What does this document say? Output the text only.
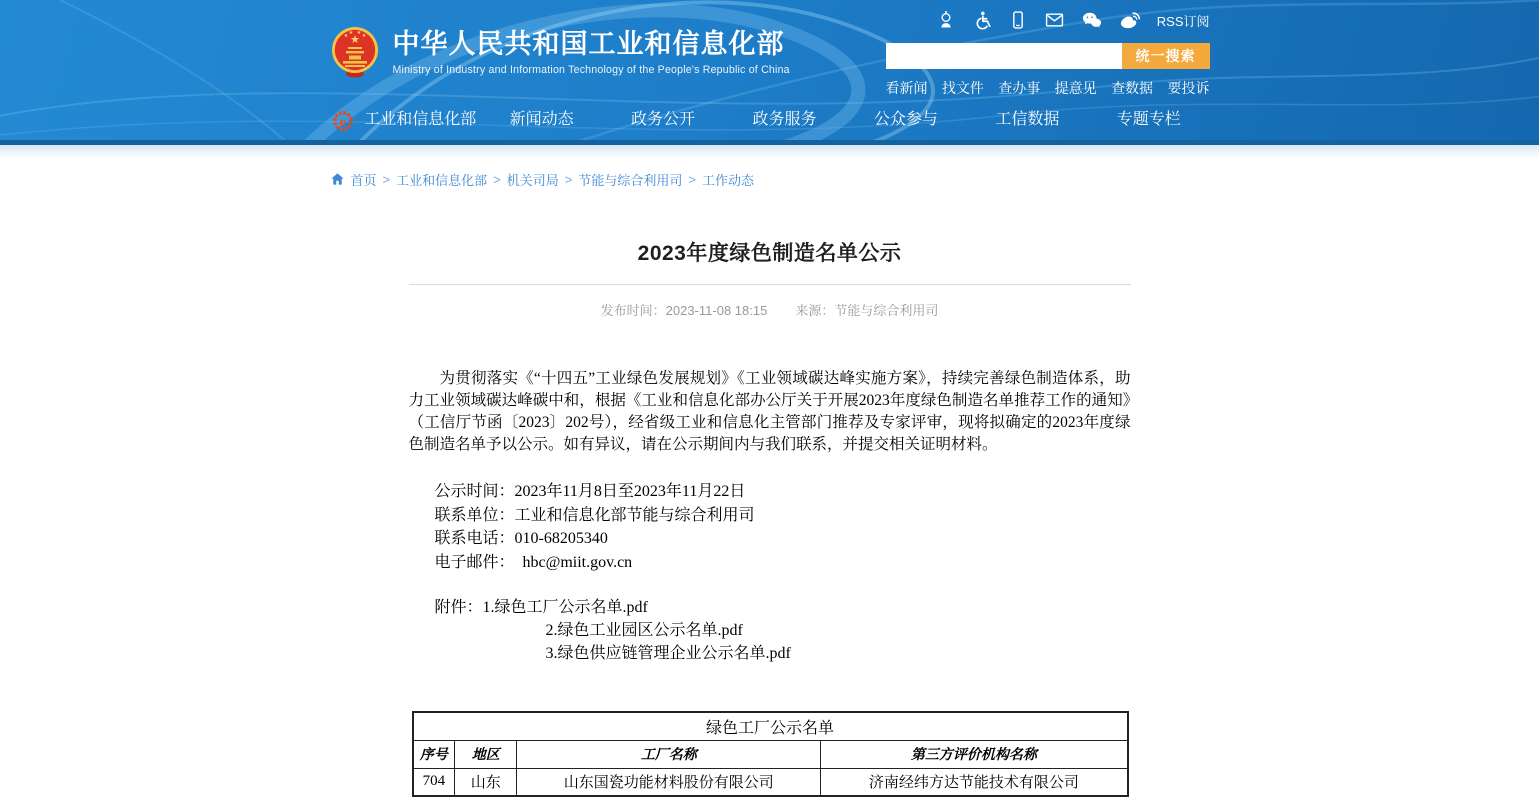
★
★ ★ ★ ★ 中华人民共和国工业和信息化部
Ministry of Industry and Information Technology of the People's Republic of China
RSS订阅
统一搜索
看新闻 找文件 查办事 提意见 查数据 要投诉
e 工业和信息化部	新闻动态	政务公开	政务服务	公众参与	工信数据	专题专栏
首页 > 工业和信息化部 > 机关司局 > 节能与综合利用司 > 工作动态
2023年度绿色制造名单公示
发布时间：2023-11-08 18:15 来源：节能与综合利用司

为贯彻落实《“十四五”工业绿色发展规划》《工业领域碳达峰实施方案》，持续完善绿色制造体系，助力工业领域碳达峰碳中和，根据《工业和信息化部办公厅关于开展2023年度绿色制造名单推荐工作的通知》（工信厅节函〔2023〕202号），经省级工业和信息化主管部门推荐及专家评审，现将拟确定的2023年度绿色制造名单予以公示。如有异议，请在公示期间内与我们联系，并提交相关证明材料。

公示时间：2023年11月8日至2023年11月22日
联系单位：工业和信息化部节能与综合利用司
联系电话：010-68205340
电子邮件：　hbc@miit.gov.cn
附件：1.绿色工厂公示名单.pdf
2.绿色工业园区公示名单.pdf
3.绿色供应链管理企业公示名单.pdf
绿色工厂公示名单			
序号	地区	工厂名称	第三方评价机构名称
704	山东	山东国瓷功能材料股份有限公司	济南经纬方达节能技术有限公司
